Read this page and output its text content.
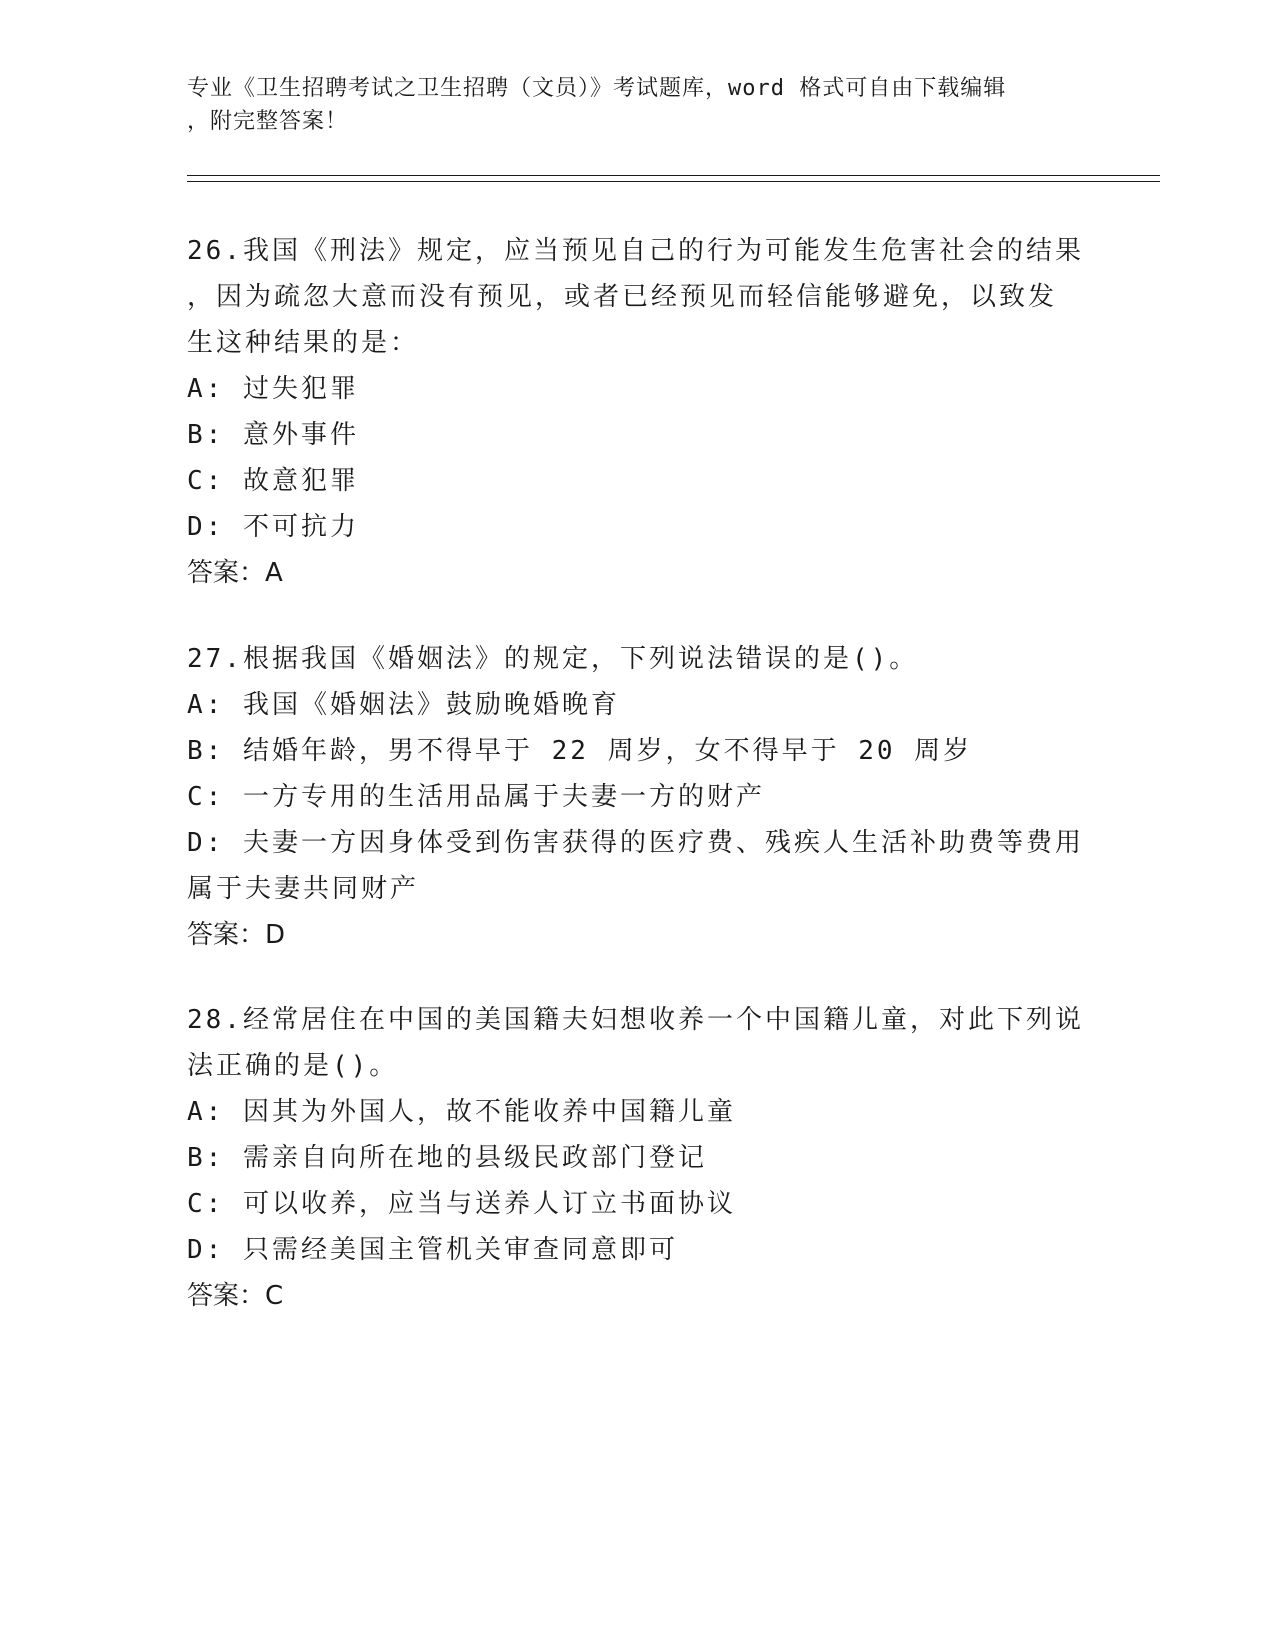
专业《卫生招聘考试之卫生招聘（文员）》考试题库，word 格式可自由下载编辑
，附完整答案！
26.我国《刑法》规定，应当预见自己的行为可能发生危害社会的结果
，因为疏忽大意而没有预见，或者已经预见而轻信能够避免，以致发
生这种结果的是：
A: 过失犯罪
B: 意外事件
C: 故意犯罪
D: 不可抗力
答案：A
27.根据我国《婚姻法》的规定，下列说法错误的是()。
A: 我国《婚姻法》鼓励晚婚晚育
B: 结婚年龄，男不得早于 22 周岁，女不得早于 20 周岁
C: 一方专用的生活用品属于夫妻一方的财产
D: 夫妻一方因身体受到伤害获得的医疗费、残疾人生活补助费等费用
属于夫妻共同财产
答案：D
28.经常居住在中国的美国籍夫妇想收养一个中国籍儿童，对此下列说
法正确的是()。
A: 因其为外国人，故不能收养中国籍儿童
B: 需亲自向所在地的县级民政部门登记
C: 可以收养，应当与送养人订立书面协议
D: 只需经美国主管机关审查同意即可
答案：C
